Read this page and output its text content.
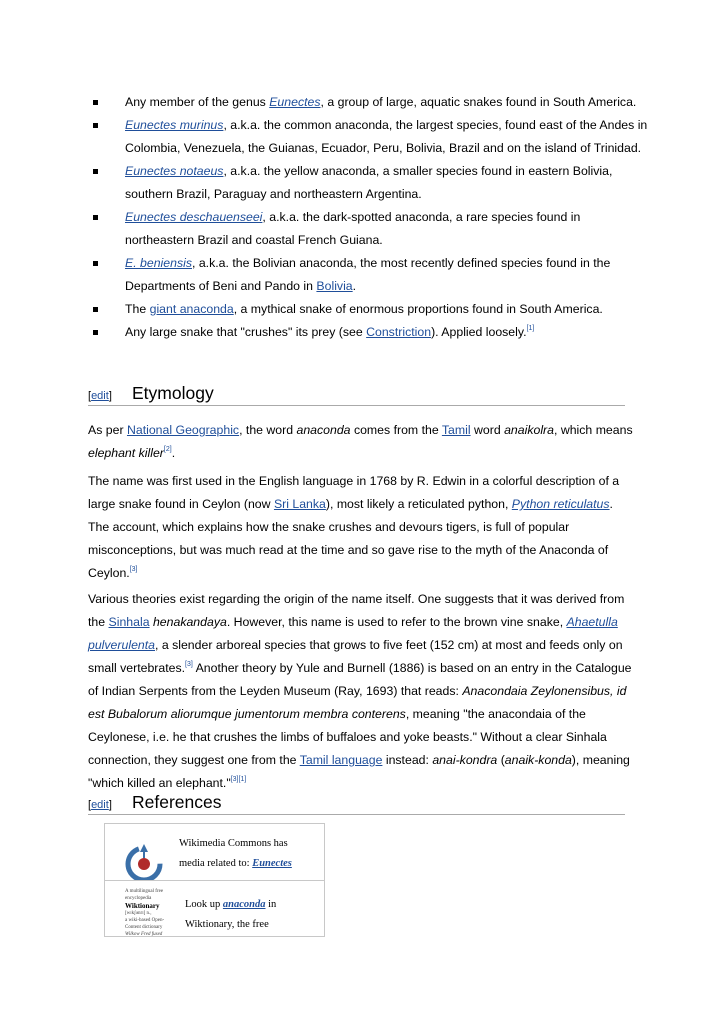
Any member of the genus Eunectes, a group of large, aquatic snakes found in South America.
Eunectes murinus, a.k.a. the common anaconda, the largest species, found east of the Andes in Colombia, Venezuela, the Guianas, Ecuador, Peru, Bolivia, Brazil and on the island of Trinidad.
Eunectes notaeus, a.k.a. the yellow anaconda, a smaller species found in eastern Bolivia, southern Brazil, Paraguay and northeastern Argentina.
Eunectes deschauenseei, a.k.a. the dark-spotted anaconda, a rare species found in northeastern Brazil and coastal French Guiana.
E. beniensis, a.k.a. the Bolivian anaconda, the most recently defined species found in the Departments of Beni and Pando in Bolivia.
The giant anaconda, a mythical snake of enormous proportions found in South America.
Any large snake that "crushes" its prey (see Constriction). Applied loosely.[1]
[edit] Etymology

As per National Geographic, the word anaconda comes from the Tamil word anaikolra, which means elephant killer[2].

The name was first used in the English language in 1768 by R. Edwin in a colorful description of a large snake found in Ceylon (now Sri Lanka), most likely a reticulated python, Python reticulatus. The account, which explains how the snake crushes and devours tigers, is full of popular misconceptions, but was much read at the time and so gave rise to the myth of the Anaconda of Ceylon.[3]

Various theories exist regarding the origin of the name itself. One suggests that it was derived from the Sinhala henakandaya. However, this name is used to refer to the brown vine snake, Ahaetulla pulverulenta, a slender arboreal species that grows to five feet (152 cm) at most and feeds only on small vertebrates.[3] Another theory by Yule and Burnell (1886) is based on an entry in the Catalogue of Indian Serpents from the Leyden Museum (Ray, 1693) that reads: Anacondaia Zeylonensibus, id est Bubalorum aliorumque jumentorum membra conterens, meaning "the anacondaia of the Ceylonese, i.e. he that crushes the limbs of buffaloes and yoke beasts." Without a clear Sinhala connection, they suggest one from the Tamil language instead: anai-kondra (anaik-konda), meaning "which killed an elephant."[3][1]

[edit] References
Wikimedia Commons has
media related to: Eunectes
A multilingual free encyclopedia
Wiktionary
[wɪkʃənrɪ] n.,
a wiki-based Open-Content dictionary
Wilkow Fred fused
Look up anaconda in
Wiktionary, the free
